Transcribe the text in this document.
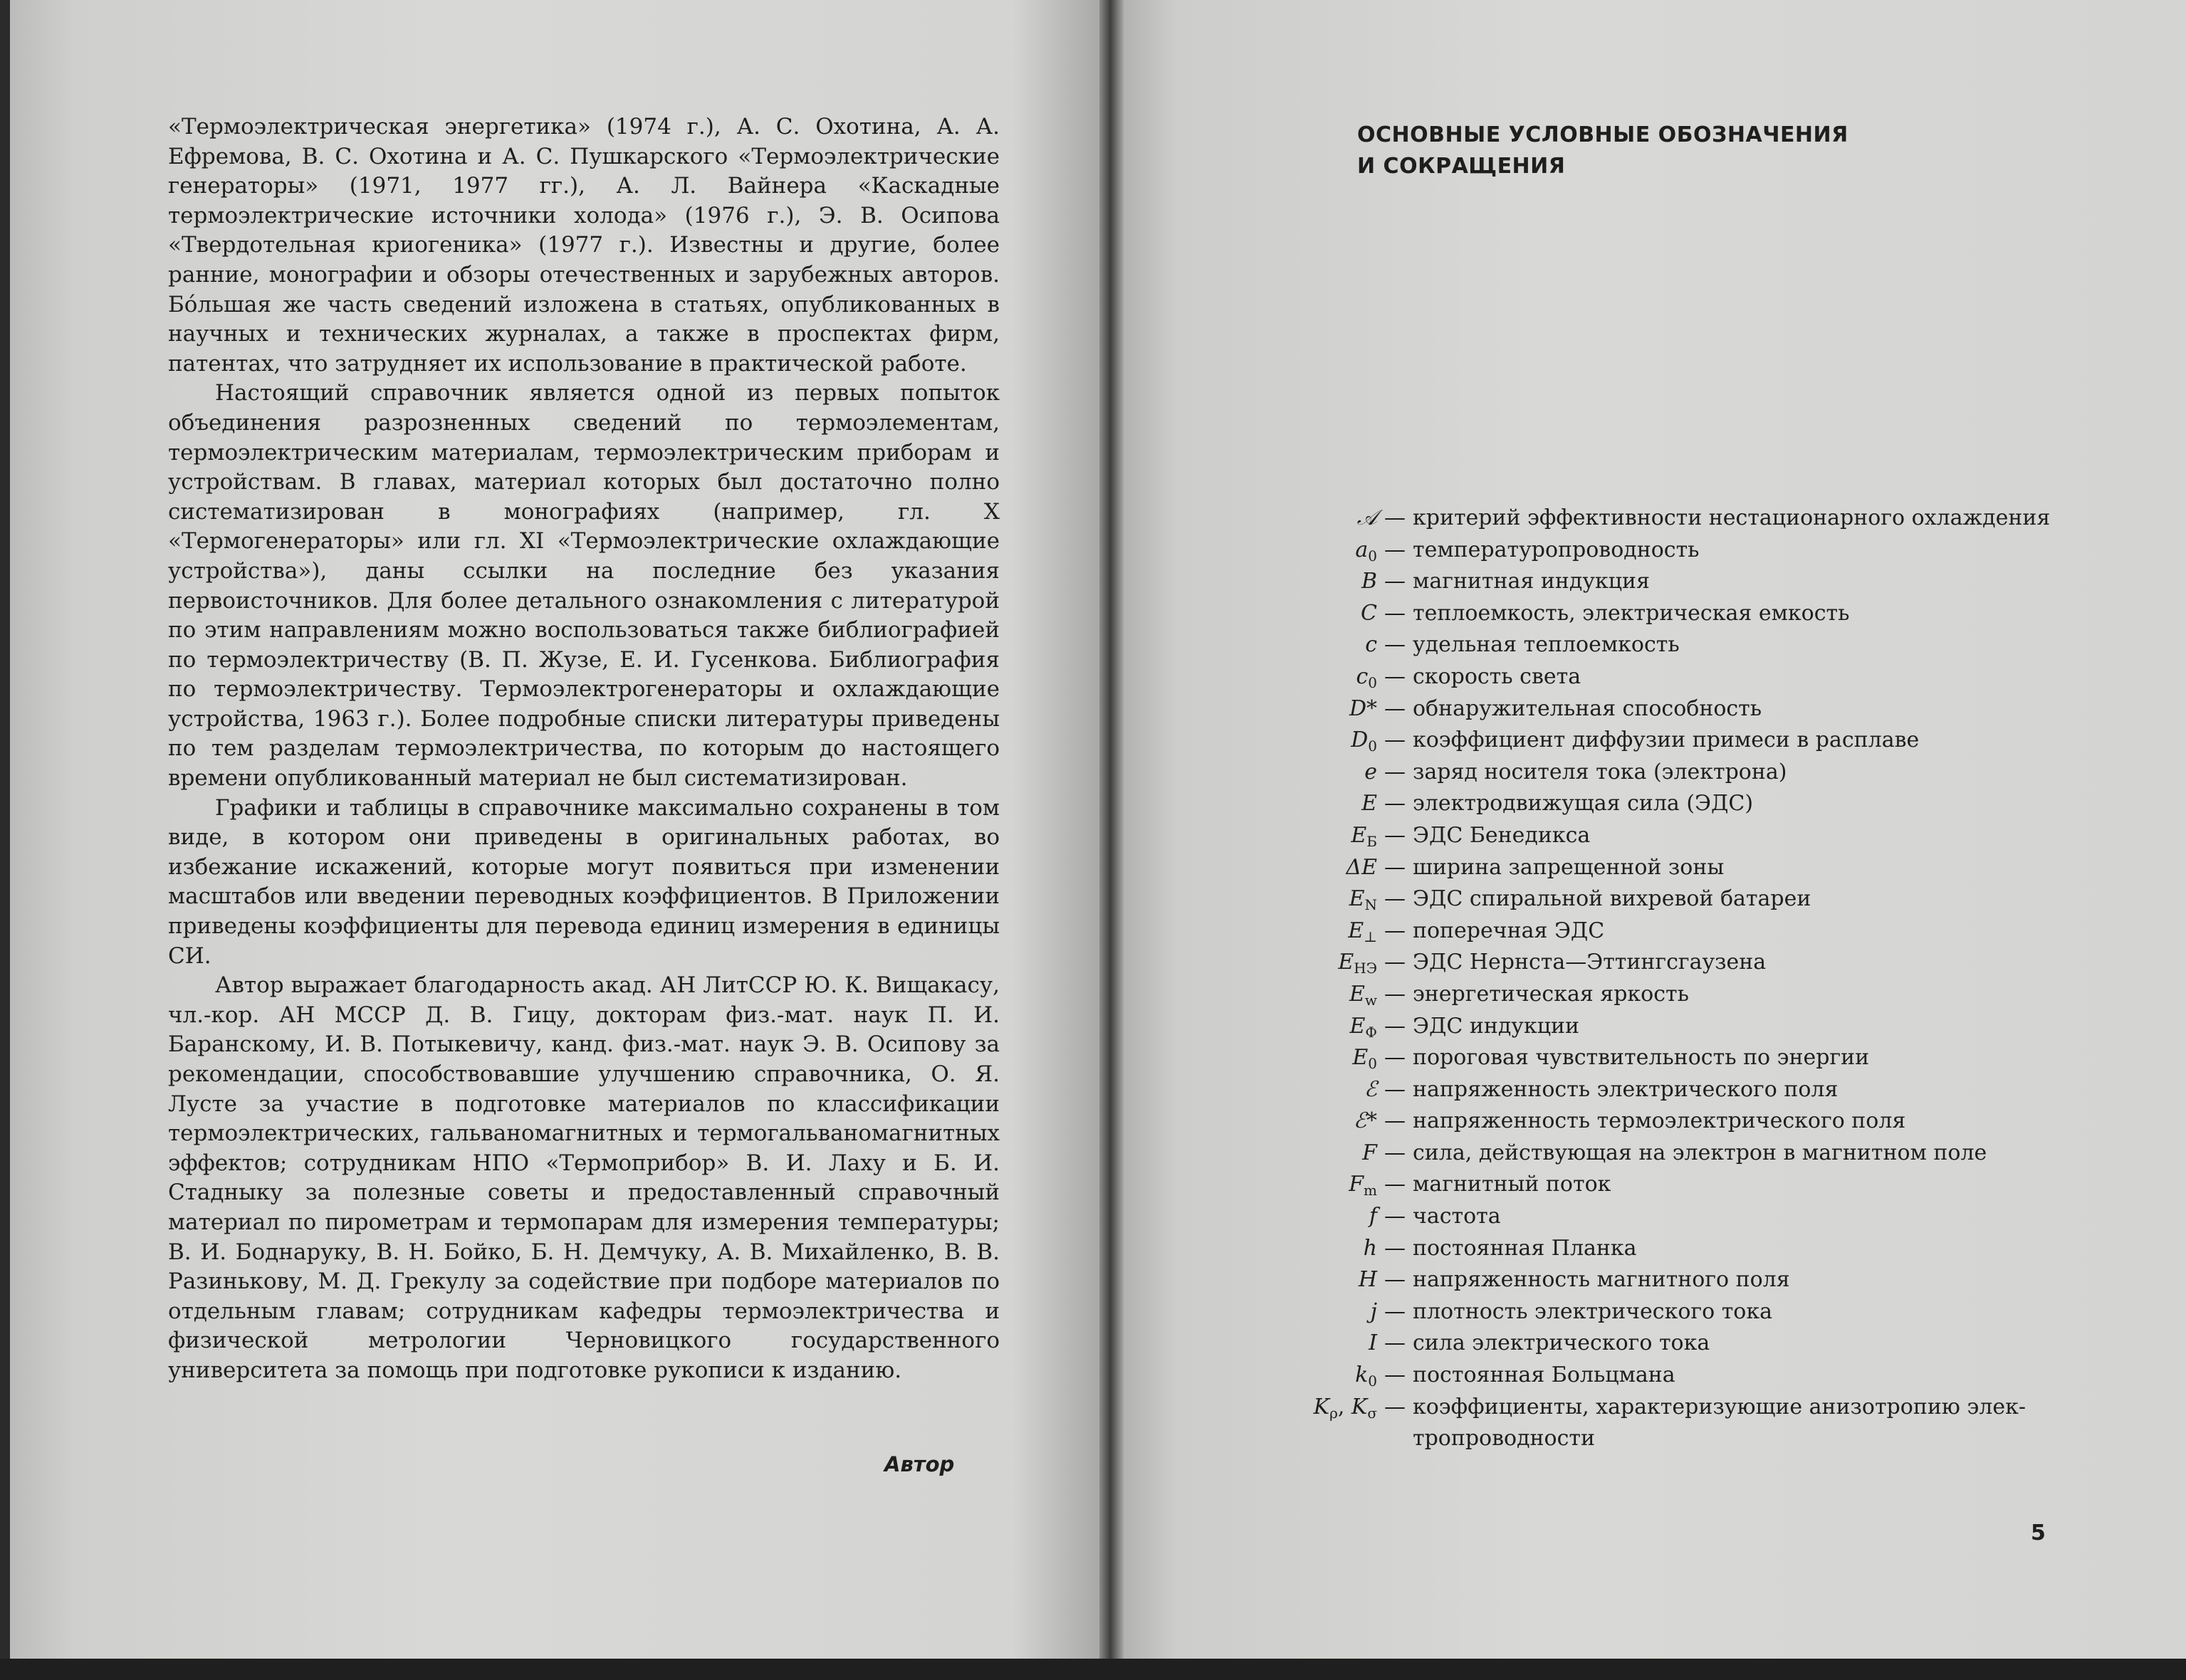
«Термоэлектрическая энергетика» (1974 г.), А. С. Охотина, А. А. Ефремова, В. С. Охотина и А. С. Пушкарского «Термоэлектрические генераторы» (1971, 1977 гг.), А. Л. Вайнера «Каскадные термоэлектрические источники холода» (1976 г.), Э. В. Осипова «Твердотельная криогеника» (1977 г.). Известны и другие, более ранние, монографии и обзоры отечественных и зарубежных авторов. Бо́льшая же часть сведений изложена в статьях, опубликованных в научных и технических журналах, а также в проспектах фирм, патентах, что затрудняет их использование в практической работе.

Настоящий справочник является одной из первых попыток объединения разрозненных сведений по термоэлементам, термоэлектрическим материалам, термоэлектрическим приборам и устройствам. В главах, материал которых был достаточно полно систематизирован в монографиях (например, гл. X «Термогенераторы» или гл. XI «Термоэлектрические охлаждающие устройства»), даны ссылки на последние без указания первоисточников. Для более детального ознакомления с литературой по этим направлениям можно воспользоваться также библиографией по термоэлектричеству (В. П. Жузе, Е. И. Гусенкова. Библиография по термоэлектричеству. Термоэлектрогенераторы и охлаждающие устройства, 1963 г.). Более подробные списки литературы приведены по тем разделам термоэлектричества, по которым до настоящего времени опубликованный материал не был систематизирован.

Графики и таблицы в справочнике максимально сохранены в том виде, в котором они приведены в оригинальных работах, во избежание искажений, которые могут появиться при изменении масштабов или введении переводных коэффициентов. В Приложении приведены коэффициенты для перевода единиц измерения в единицы СИ.

Автор выражает благодарность акад. АН ЛитССР Ю. К. Вищакасу, чл.-кор. АН МССР Д. В. Гицу, докторам физ.-мат. наук П. И. Баранскому, И. В. Потыкевичу, канд. физ.-мат. наук Э. В. Осипову за рекомендации, способствовавшие улучшению справочника, О. Я. Лусте за участие в подготовке материалов по классификации термоэлектрических, гальваномагнитных и термогальваномагнитных эффектов; сотрудникам НПО «Термоприбор» В. И. Лаху и Б. И. Стадныку за полезные советы и предоставленный справочный материал по пирометрам и термопарам для измерения температуры; В. И. Боднаруку, В. Н. Бойко, Б. Н. Демчуку, А. В. Михайленко, В. В. Разинькову, М. Д. Грекулу за содействие при подборе материалов по отдельным главам; сотрудникам кафедры термоэлектричества и физической метрологии Черновицкого государственного университета за помощь при подготовке рукописи к изданию.

Автор
ОСНОВНЫЕ УСЛОВНЫЕ ОБОЗНАЧЕНИЯ
И СОКРАЩЕНИЯ
𝒜 — критерий эффективности нестационарного охлаждения
$a_0$ — температуропроводность
B — магнитная индукция
C — теплоемкость, электрическая емкость
c — удельная теплоемкость
$c_0$ — скорость света
D* — обнаружительная способность
$D_0$ — коэффициент диффузии примеси в расплаве
e — заряд носителя тока (электрона)
E — электродвижущая сила (ЭДС)
$E_Б$ — ЭДС Бенедикса
ΔE — ширина запрещенной зоны
$E_N$ — ЭДС спиральной вихревой батареи
$E_\perp$ — поперечная ЭДС
$E_{НЭ}$ — ЭДС Нернста—Эттингсгаузена
$E_w$ — энергетическая яркость
$E_Ф$ — ЭДС индукции
$E_0$ — пороговая чувствительность по энергии
ℰ — напряженность электрического поля
ℰ* — напряженность термоэлектрического поля
F — сила, действующая на электрон в магнитном поле
$F_m$ — магнитный поток
f — частота
h — постоянная Планка
H — напряженность магнитного поля
j — плотность электрического тока
I — сила электрического тока
$k_0$ — постоянная Больцмана
$K_\rho$, $K_\sigma$ — коэффициенты, характеризующие анизотропию элек-
тропроводности
5
